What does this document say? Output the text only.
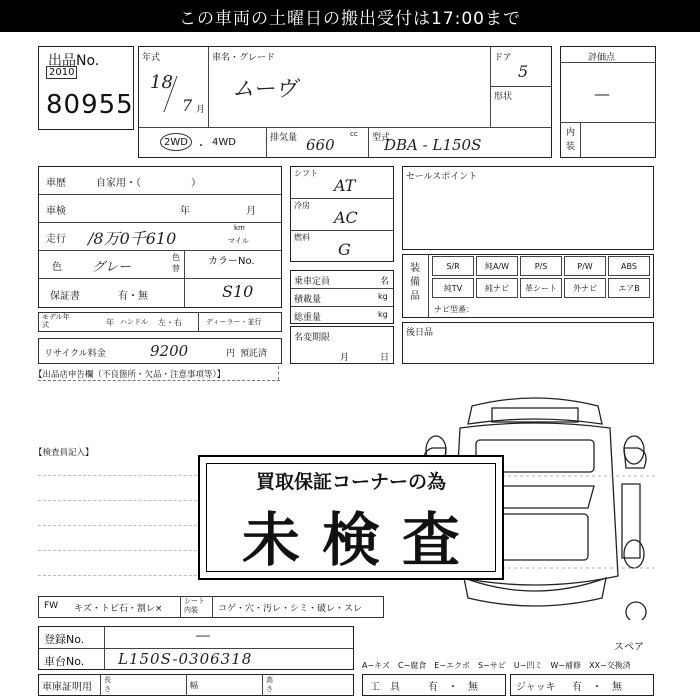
この車両の土曜日の搬出受付は17:00まで
出品No.
2010
80955
年式
18
7 月
車名・グレード
ムーヴ
ドア
5
形状
2WD ・ 4WD	排気量 660
cc 型式
DBA - L150S
評価点
—
内装
車歴	自家用・（　　　　　）
車検	年	月
走行 /8万0千610
km
マイル
色 グレー
色替
カラーNo.
保証書	有・無	S10
モデル年式	年 ハンドル 左・右	ディーラー・並行
リサイクル料金	9200	円 預託済
シフト
AT
冷房
AC
燃料
G
乗車定員	名
積載量	kg
総重量	kg
名変期限
月	日
セールスポイント
装備品
ナビ型番：
後日品
【出品店申告欄（不良箇所・欠品・注意事項等）】
【検査員記入】
スペア
買取保証コーナーの為
未検査
FW キズ・トビ石・割レ×
シート内装	コゲ・穴・汚レ・シミ・破レ・スレ
登録No.	―
車台No. L150S-0306318
車庫証明用
長さ	幅
高さ
A−キズ　C−腐食　E−エクボ　S−サビ　U−凹ミ　W−補修　XX−交換済
工　具	有　・　無	ジャッキ 有　・　無
S/R	純A/W	P/S	P/W	ABS
純TV	純ナビ	革シート	外ナビ	エアB
